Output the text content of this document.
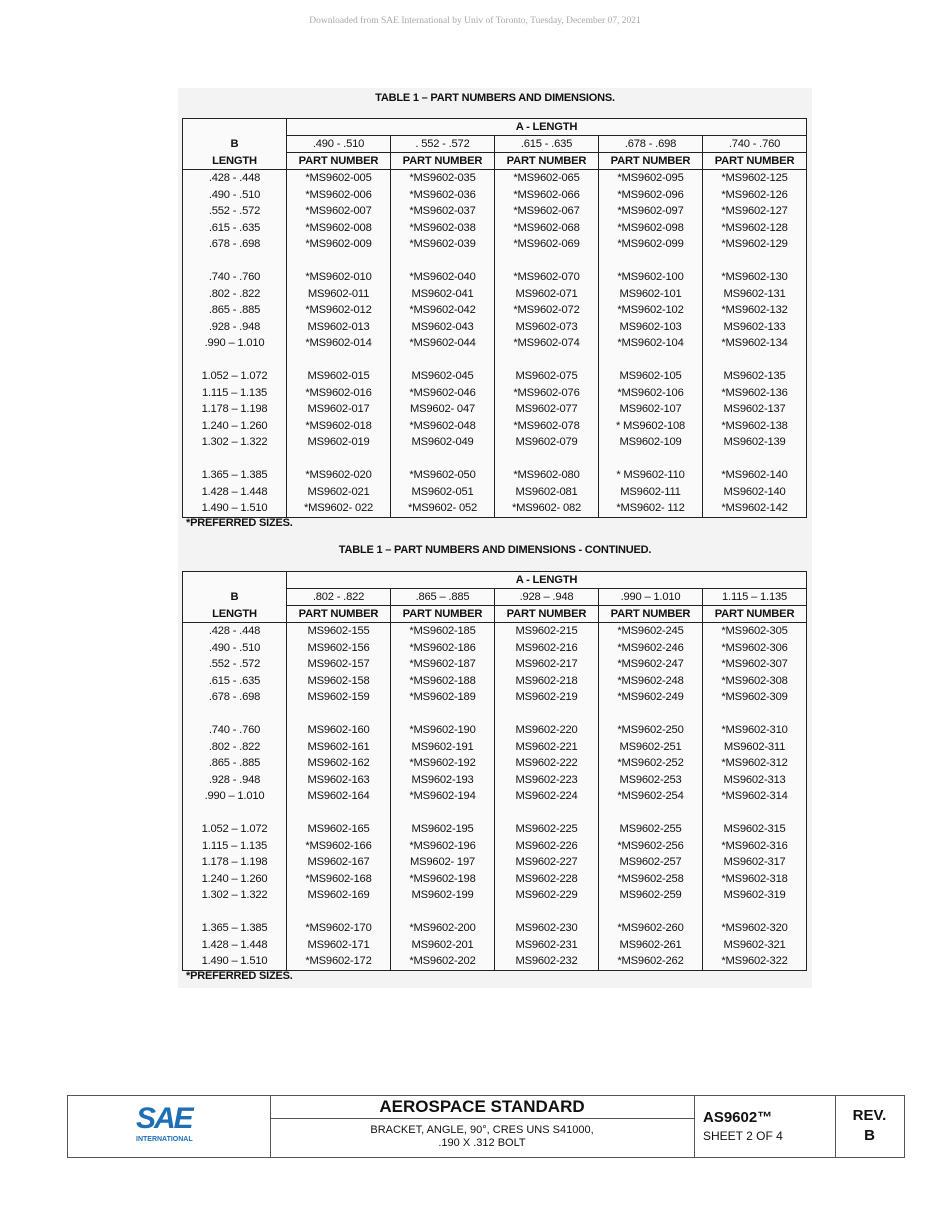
Downloaded from SAE International by Univ of Toronto, Tuesday, December 07, 2021
TABLE 1 – PART NUMBERS AND DIMENSIONS.
	A - LENGTH				
B	.490 - .510	. 552 - .572	.615 - .635	.678 - .698	.740 - .760
LENGTH	PART NUMBER	PART NUMBER	PART NUMBER	PART NUMBER	PART NUMBER
.428 - .448	*MS9602-005	*MS9602-035	*MS9602-065	*MS9602-095	*MS9602-125
.490 - .510	*MS9602-006	*MS9602-036	*MS9602-066	*MS9602-096	*MS9602-126
.552 - .572	*MS9602-007	*MS9602-037	*MS9602-067	*MS9602-097	*MS9602-127
.615 - .635	*MS9602-008	*MS9602-038	*MS9602-068	*MS9602-098	*MS9602-128
.678 - .698	*MS9602-009	*MS9602-039	*MS9602-069	*MS9602-099	*MS9602-129

.740 - .760	*MS9602-010	*MS9602-040	*MS9602-070	*MS9602-100	*MS9602-130
.802 - .822	MS9602-011	MS9602-041	MS9602-071	MS9602-101	MS9602-131
.865 - .885	*MS9602-012	*MS9602-042	*MS9602-072	*MS9602-102	*MS9602-132
.928 - .948	MS9602-013	MS9602-043	MS9602-073	MS9602-103	MS9602-133
.990 – 1.010	*MS9602-014	*MS9602-044	*MS9602-074	*MS9602-104	*MS9602-134

1.052 – 1.072	MS9602-015	MS9602-045	MS9602-075	MS9602-105	MS9602-135
1.115 – 1.135	*MS9602-016	*MS9602-046	*MS9602-076	*MS9602-106	*MS9602-136
1.178 – 1.198	MS9602-017	MS9602- 047	MS9602-077	MS9602-107	MS9602-137
1.240 – 1.260	*MS9602-018	*MS9602-048	*MS9602-078	* MS9602-108	*MS9602-138
1.302 – 1.322	MS9602-019	MS9602-049	MS9602-079	MS9602-109	MS9602-139

1.365 – 1.385	*MS9602-020	*MS9602-050	*MS9602-080	* MS9602-110	*MS9602-140
1.428 – 1.448	MS9602-021	MS9602-051	MS9602-081	MS9602-111	MS9602-140
1.490 – 1.510	*MS9602- 022	*MS9602- 052	*MS9602- 082	*MS9602- 112	*MS9602-142
*PREFERRED SIZES.
TABLE 1 – PART NUMBERS AND DIMENSIONS - CONTINUED.
	A - LENGTH				
B	.802 - .822	.865 – .885	.928 – .948	.990 – 1.010	1.115 – 1.135
LENGTH	PART NUMBER	PART NUMBER	PART NUMBER	PART NUMBER	PART NUMBER
.428 - .448	MS9602-155	*MS9602-185	MS9602-215	*MS9602-245	*MS9602-305
.490 - .510	MS9602-156	*MS9602-186	MS9602-216	*MS9602-246	*MS9602-306
.552 - .572	MS9602-157	*MS9602-187	MS9602-217	*MS9602-247	*MS9602-307
.615 - .635	MS9602-158	*MS9602-188	MS9602-218	*MS9602-248	*MS9602-308
.678 - .698	MS9602-159	*MS9602-189	MS9602-219	*MS9602-249	*MS9602-309

.740 - .760	MS9602-160	*MS9602-190	MS9602-220	*MS9602-250	*MS9602-310
.802 - .822	MS9602-161	MS9602-191	MS9602-221	MS9602-251	MS9602-311
.865 - .885	MS9602-162	*MS9602-192	MS9602-222	*MS9602-252	*MS9602-312
.928 - .948	MS9602-163	MS9602-193	MS9602-223	MS9602-253	MS9602-313
.990 – 1.010	MS9602-164	*MS9602-194	MS9602-224	*MS9602-254	*MS9602-314

1.052 – 1.072	MS9602-165	MS9602-195	MS9602-225	MS9602-255	MS9602-315
1.115 – 1.135	*MS9602-166	*MS9602-196	MS9602-226	*MS9602-256	*MS9602-316
1.178 – 1.198	MS9602-167	MS9602- 197	MS9602-227	MS9602-257	MS9602-317
1.240 – 1.260	*MS9602-168	*MS9602-198	MS9602-228	*MS9602-258	*MS9602-318
1.302 – 1.322	MS9602-169	MS9602-199	MS9602-229	MS9602-259	MS9602-319

1.365 – 1.385	*MS9602-170	*MS9602-200	MS9602-230	*MS9602-260	*MS9602-320
1.428 – 1.448	MS9602-171	MS9602-201	MS9602-231	MS9602-261	MS9602-321
1.490 – 1.510	*MS9602-172	*MS9602-202	MS9602-232	*MS9602-262	*MS9602-322
*PREFERRED SIZES.
SAE
INTERNATIONAL
AEROSPACE STANDARD
BRACKET, ANGLE, 90°, CRES UNS S41000,
.190 X .312 BOLT
AS9602™
SHEET 2 OF 4
REV.
B
